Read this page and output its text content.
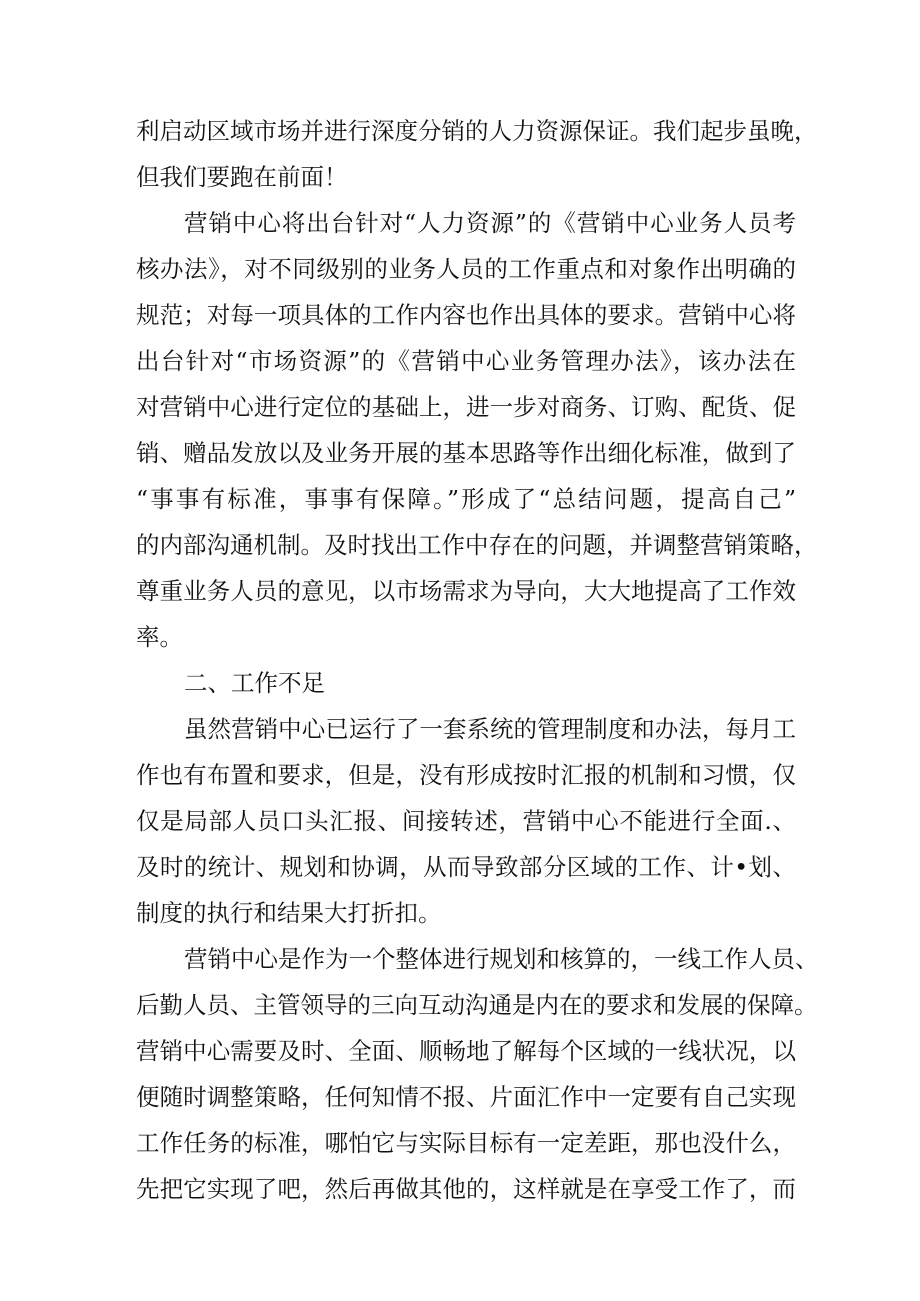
利启动区域市场并进行深度分销的人力资源保证。我们起步虽晚，
但我们要跑在前面！
营销中心将出台针对“人力资源”的《营销中心业务人员考
核办法》，对不同级别的业务人员的工作重点和对象作出明确的
规范；对每一项具体的工作内容也作出具体的要求。营销中心将
出台针对“市场资源”的《营销中心业务管理办法》，该办法在
对营销中心进行定位的基础上，进一步对商务、订购、配货、促
销、赠品发放以及业务开展的基本思路等作出细化标准，做到了
“事事有标准，事事有保障。”形成了“总结问题，提高自己”
的内部沟通机制。及时找出工作中存在的问题，并调整营销策略，
尊重业务人员的意见，以市场需求为导向，大大地提高了工作效
率。
二、工作不足
虽然营销中心已运行了一套系统的管理制度和办法，每月工
作也有布置和要求，但是，没有形成按时汇报的机制和习惯，仅
仅是局部人员口头汇报、间接转述，营销中心不能进行全面.、
及时的统计、规划和协调，从而导致部分区域的工作、计•划、
制度的执行和结果大打折扣。
营销中心是作为一个整体进行规划和核算的，一线工作人员、
后勤人员、主管领导的三向互动沟通是内在的要求和发展的保障。
营销中心需要及时、全面、顺畅地了解每个区域的一线状况，以
便随时调整策略，任何知情不报、片面汇作中一定要有自己实现
工作任务的标准，哪怕它与实际目标有一定差距，那也没什么，
先把它实现了吧，然后再做其他的，这样就是在享受工作了，而
